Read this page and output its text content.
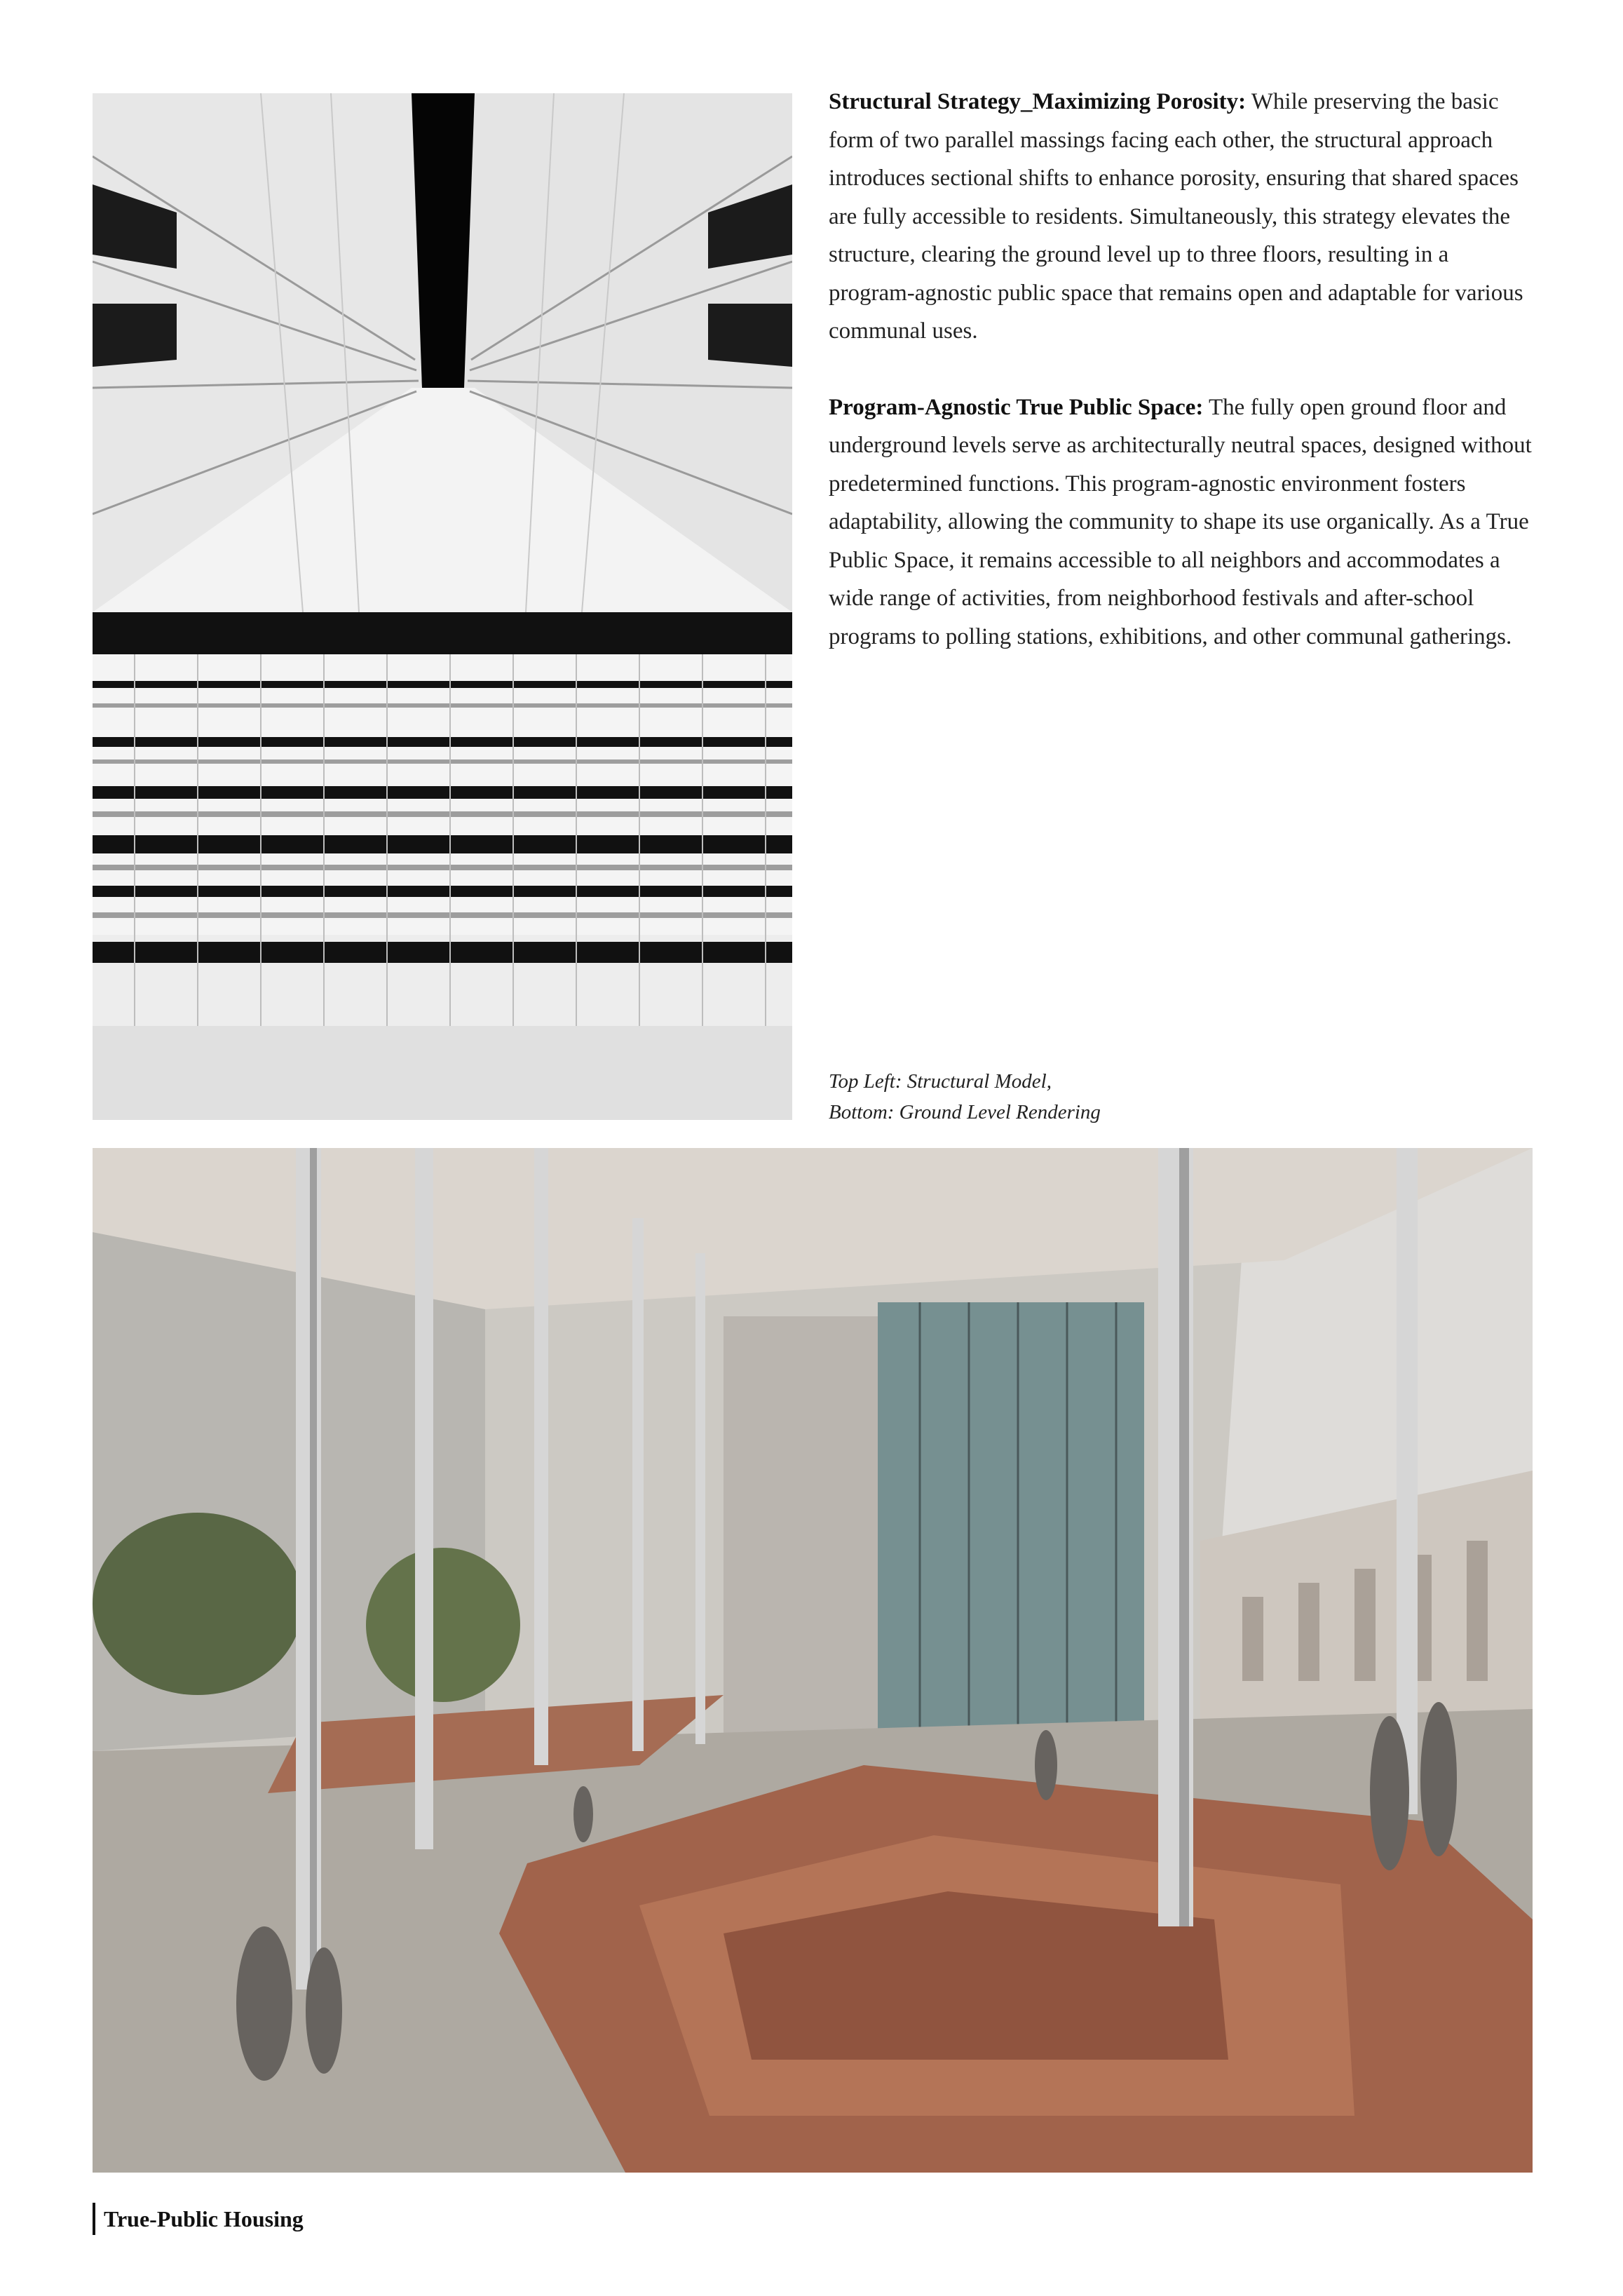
Structural Strategy_Maximizing Porosity: While preserving the basic form of two parallel massings facing each other, the structural approach introduces sectional shifts to enhance porosity, ensuring that shared spaces are fully accessible to residents. Simultaneously, this strategy elevates the structure, clearing the ground level up to three floors, resulting in a program-agnostic public space that remains open and adaptable for various communal uses.

Program-Agnostic True Public Space: The fully open ground floor and underground levels serve as architecturally neutral spaces, designed without predetermined functions. This program-agnostic environment fosters adaptability, allowing the community to shape its use organically. As a True Public Space, it remains accessible to all neighbors and accommodates a wide range of activities, from neighborhood festivals and after-school programs to polling stations, exhibitions, and other communal gatherings.

Top Left: Structural Model,
Bottom: Ground Level Rendering
True-Public Housing
